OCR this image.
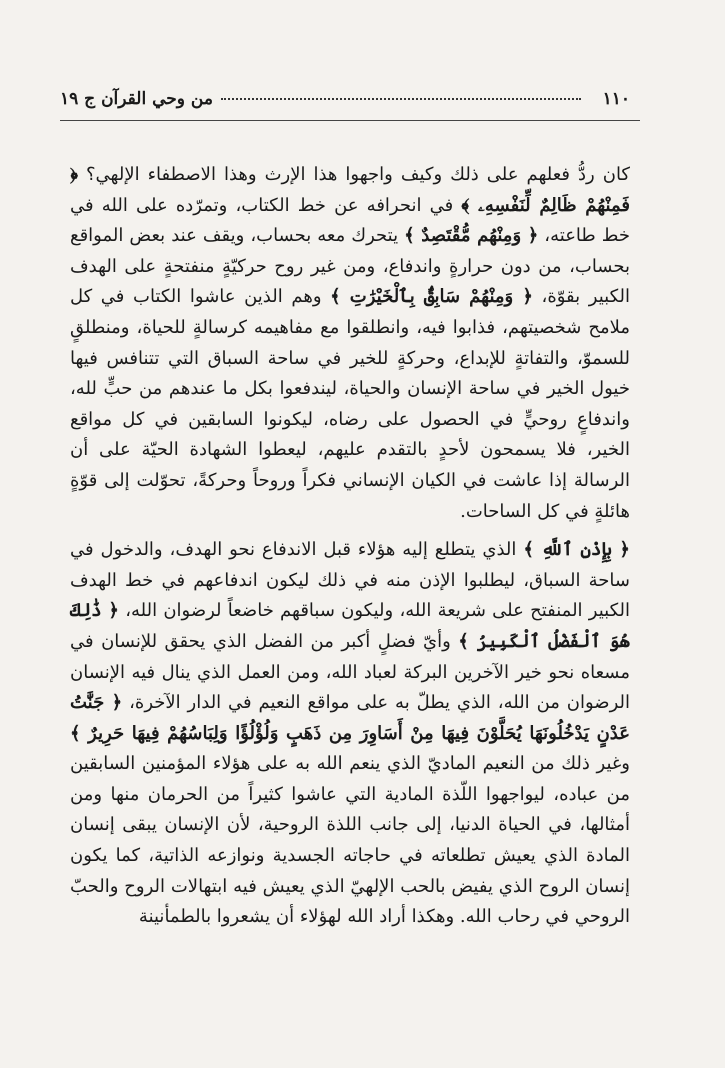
١١٠
من وحي القرآن ج ١٩

كان ردُّ فعلهم على ذلك وكيف واجهوا هذا الإرث وهذا الاصطفاء الإلهي؟ ﴿ فَمِنْهُمْ ظَالِمٌ لِّنَفْسِهِۦ ﴾ في انحرافه عن خط الكتاب، وتمرّده على الله في خط طاعته، ﴿ وَمِنْهُم مُّقْتَصِدٌ ﴾ يتحرك معه بحساب، ويقف عند بعض المواقع بحساب، من دون حرارةٍ واندفاع، ومن غير روح حركيّةٍ منفتحةٍ على الهدف الكبير بقوّة، ﴿ وَمِنْهُمْ سَابِقٌۢ بِٱلْخَيْرَٰتِ ﴾ وهم الذين عاشوا الكتاب في كل ملامح شخصيتهم، فذابوا فيه، وانطلقوا مع مفاهيمه كرسالةٍ للحياة، ومنطلقٍ للسموّ، والتفاتةٍ للإبداع، وحركةٍ للخير في ساحة السباق التي تتنافس فيها خيول الخير في ساحة الإنسان والحياة، ليندفعوا بكل ما عندهم من حبٍّ لله، واندفاعٍ روحيٍّ في الحصول على رضاه، ليكونوا السابقين في كل مواقع الخير، فلا يسمحون لأحدٍ بالتقدم عليهم، ليعطوا الشهادة الحيّة على أن الرسالة إذا عاشت في الكيان الإنساني فكراً وروحاً وحركةً، تحوّلت إلى قوّةٍ هائلةٍ في كل الساحات.

﴿ بِإِذْنِ ٱللَّهِ ﴾ الذي يتطلع إليه هؤلاء قبل الاندفاع نحو الهدف، والدخول في ساحة السباق، ليطلبوا الإذن منه في ذلك ليكون اندفاعهم في خط الهدف الكبير المنفتح على شريعة الله، وليكون سباقهم خاضعاً لرضوان الله، ﴿ ذَٰلِكَ هُوَ ٱلْفَضْلُ ٱلْكَبِيرُ ﴾ وأيّ فضلٍ أكبر من الفضل الذي يحقق للإنسان في مسعاه نحو خير الآخرين البركة لعباد الله، ومن العمل الذي ينال فيه الإنسان الرضوان من الله، الذي يطلّ به على مواقع النعيم في الدار الآخرة، ﴿ جَنَّٰتُ عَدْنٍ يَدْخُلُونَهَا يُحَلَّوْنَ فِيهَا مِنْ أَسَاوِرَ مِن ذَهَبٍ وَلُؤْلُؤًا وَلِبَاسُهُمْ فِيهَا حَرِيرٌ ﴾ وغير ذلك من النعيم الماديّ الذي ينعم الله به على هؤلاء المؤمنين السابقين من عباده، ليواجهوا اللّذة المادية التي عاشوا كثيراً من الحرمان منها ومن أمثالها، في الحياة الدنيا، إلى جانب اللذة الروحية، لأن الإنسان يبقى إنسان المادة الذي يعيش تطلعاته في حاجاته الجسدية ونوازعه الذاتية، كما يكون إنسان الروح الذي يفيض بالحب الإلهيّ الذي يعيش فيه ابتهالات الروح والحبّ الروحي في رحاب الله. وهكذا أراد الله لهؤلاء أن يشعروا بالطمأنينة
